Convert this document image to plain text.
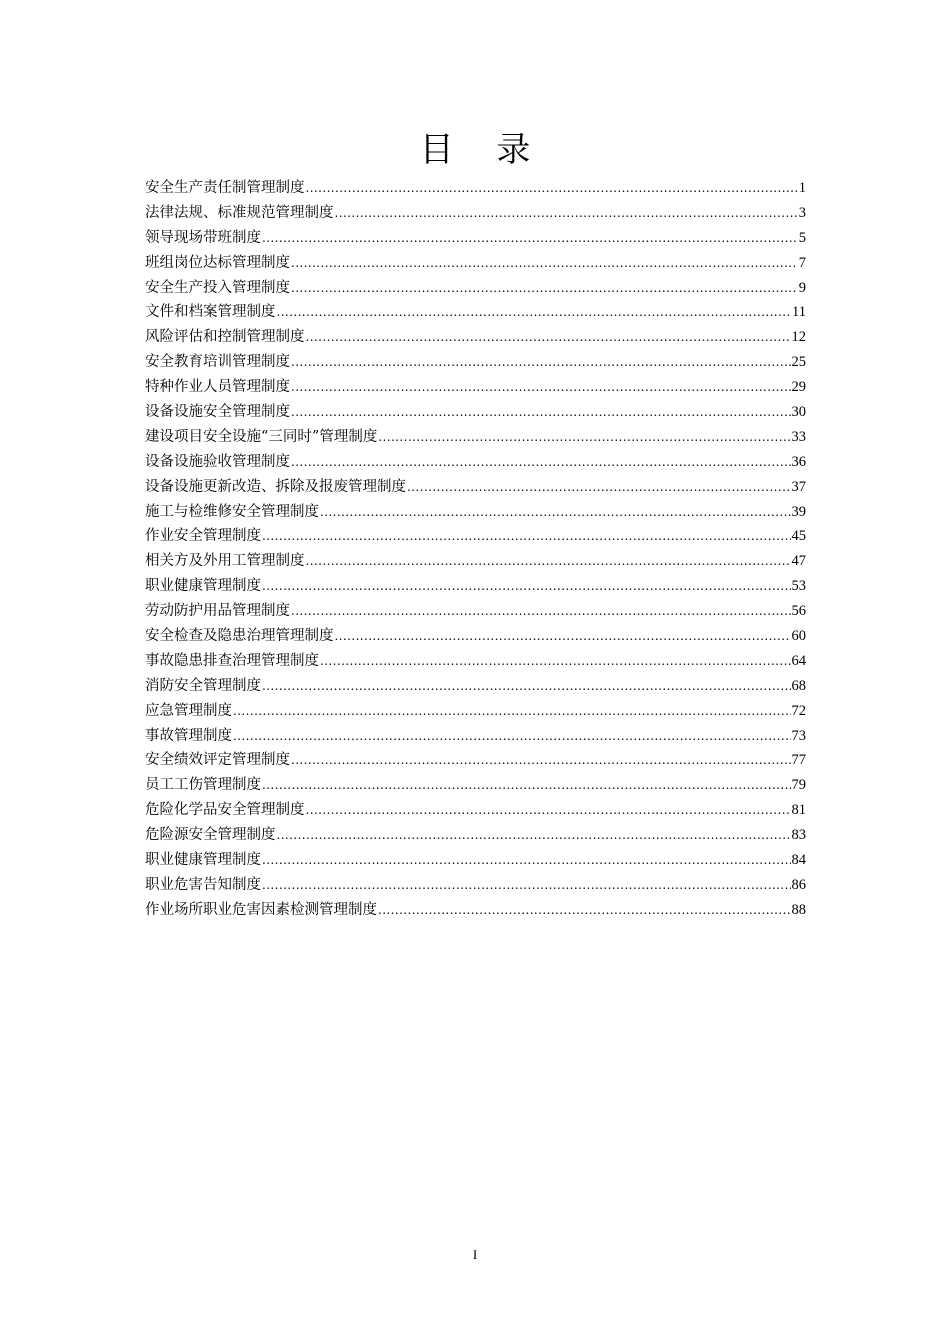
目 录
安全生产责任制管理制度 .....	1
法律法规、标准规范管理制度 .....	3
领导现场带班制度 .....	5
班组岗位达标管理制度 .....	7
安全生产投入管理制度 .....	9
文件和档案管理制度 .....	11
风险评估和控制管理制度 .....	12
安全教育培训管理制度 .....	25
特种作业人员管理制度 .....	29
设备设施安全管理制度 .....	30
建设项目安全设施“三同时”管理制度 .....	33
设备设施验收管理制度 .....	36
设备设施更新改造、拆除及报废管理制度 .....	37
施工与检维修安全管理制度 .....	39
作业安全管理制度 .....	45
相关方及外用工管理制度 .....	47
职业健康管理制度 .....	53
劳动防护用品管理制度 .....	56
安全检查及隐患治理管理制度 .....	60
事故隐患排查治理管理制度 .....	64
消防安全管理制度 .....	68
应急管理制度 .....	72
事故管理制度 .....	73
安全绩效评定管理制度 .....	77
员工工伤管理制度 .....	79
危险化学品安全管理制度 .....	81
危险源安全管理制度 .....	83
职业健康管理制度 .....	84
职业危害告知制度 .....	86
作业场所职业危害因素检测管理制度 .....	88
I
